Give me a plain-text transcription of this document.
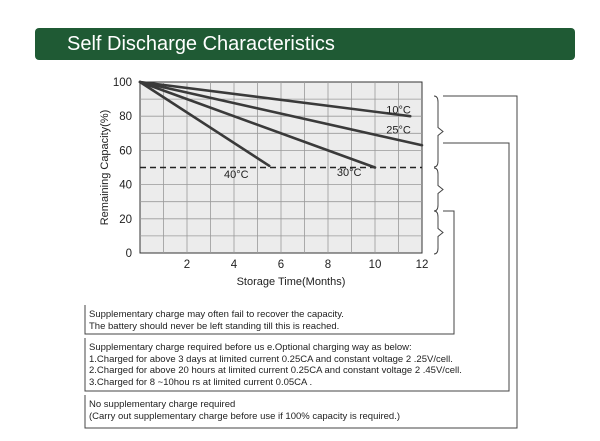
Self Discharge Characteristics
0
20
40
60
80
100
2	4	6	8	10	12
Storage Time(Months)
Remaining Capacity(%)	10°C
25°C
30°C
40°C
Supplementary charge may often fail to recover the capacity.
The battery should never be left standing till this is reached.
Supplementary charge required before us e.Optional charging way as below:
1.Charged for above 3 days at limited current 0.25CA and constant voltage 2 .25V/cell.
2.Charged for above 20 hours at limited current 0.25CA and constant voltage 2 .45V/cell.
3.Charged for 8 ~10hou rs at limited current 0.05CA .
No supplementary charge required
(Carry out supplementary charge before use if 100% capacity is required.)
